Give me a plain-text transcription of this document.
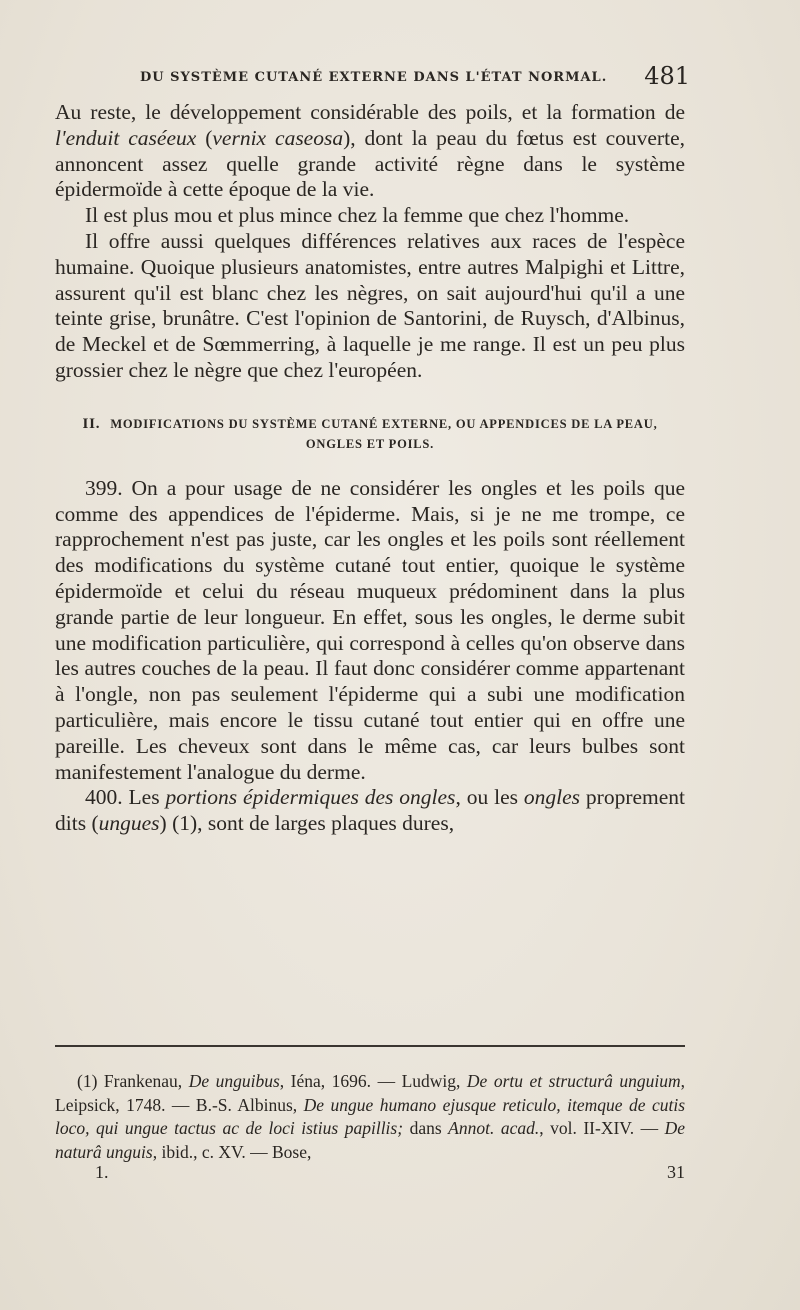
DU SYSTÈME CUTANÉ EXTERNE DANS L'ÉTAT NORMAL. 481

Au reste, le développement considérable des poils, et la formation de l'enduit caséeux (vernix caseosa), dont la peau du fœtus est couverte, annoncent assez quelle grande activité règne dans le système épidermoïde à cette époque de la vie.

Il est plus mou et plus mince chez la femme que chez l'homme.

Il offre aussi quelques différences relatives aux races de l'espèce humaine. Quoique plusieurs anatomistes, entre autres Malpighi et Littre, assurent qu'il est blanc chez les nègres, on sait aujourd'hui qu'il a une teinte grise, brunâtre. C'est l'opinion de Santorini, de Ruysch, d'Albinus, de Meckel et de Sœmmerring, à laquelle je me range. Il est un peu plus grossier chez le nègre que chez l'européen.

II. MODIFICATIONS DU SYSTÈME CUTANÉ EXTERNE, OU APPENDICES DE LA PEAU,
ONGLES ET POILS.

399. On a pour usage de ne considérer les ongles et les poils que comme des appendices de l'épiderme. Mais, si je ne me trompe, ce rapprochement n'est pas juste, car les ongles et les poils sont réellement des modifications du système cutané tout entier, quoique le système épidermoïde et celui du réseau muqueux prédominent dans la plus grande partie de leur longueur. En effet, sous les ongles, le derme subit une modification particulière, qui correspond à celles qu'on observe dans les autres couches de la peau. Il faut donc considérer comme appartenant à l'ongle, non pas seulement l'épiderme qui a subi une modification particulière, mais encore le tissu cutané tout entier qui en offre une pareille. Les cheveux sont dans le même cas, car leurs bulbes sont manifestement l'analogue du derme.

400. Les portions épidermiques des ongles, ou les ongles proprement dits (ungues) (1), sont de larges plaques dures,

(1) Frankenau, De unguibus, Iéna, 1696. — Ludwig, De ortu et structurâ unguium, Leipsick, 1748. — B.-S. Albinus, De ungue humano ejusque reticulo, itemque de cutis loco, qui ungue tactus ac de loci istius papillis; dans Annot. acad., vol. II-XIV. — De naturâ unguis, ibid., c. XV. — Bose,

1.	31
